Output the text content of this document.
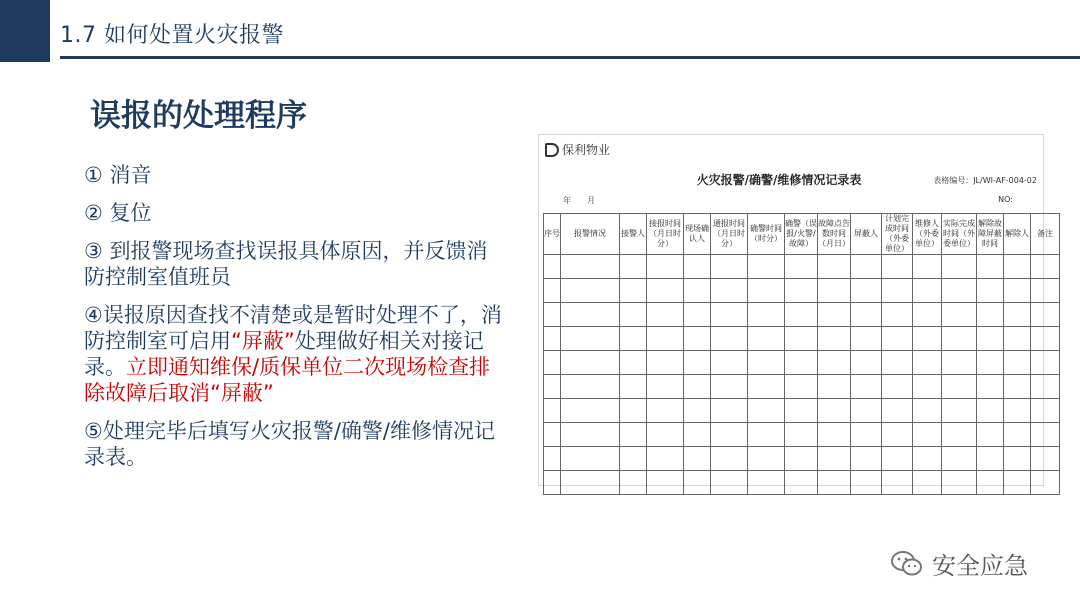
1.7 如何处置火灾报警
误报的处理程序
① 消音
② 复位
③ 到报警现场查找误报具体原因，并反馈消防控制室值班员
④误报原因查找不清楚或是暂时处理不了，消防控制室可启用“屏蔽”处理做好相关对接记录。立即通知维保/质保单位二次现场检查排除故障后取消“屏蔽”
⑤处理完毕后填写火灾报警/确警/维修情况记录表。
保利物业
火灾报警/确警/维修情况记录表	表格编号：JL/WI-AF-004-02
年 月	NO:
序号	报警情况	接警人	接报时间（月日时分）	现场确认人	通报时间（月日时分）	确警时间（时分）	确警（误报/火警/故障）	故障点告数时间（月日）	屏蔽人	计划完成时间（外委单位）	维修人（外委单位）	实际完成时间（外委单位）	解除故障屏蔽时间	解除人	备注

安全应急
